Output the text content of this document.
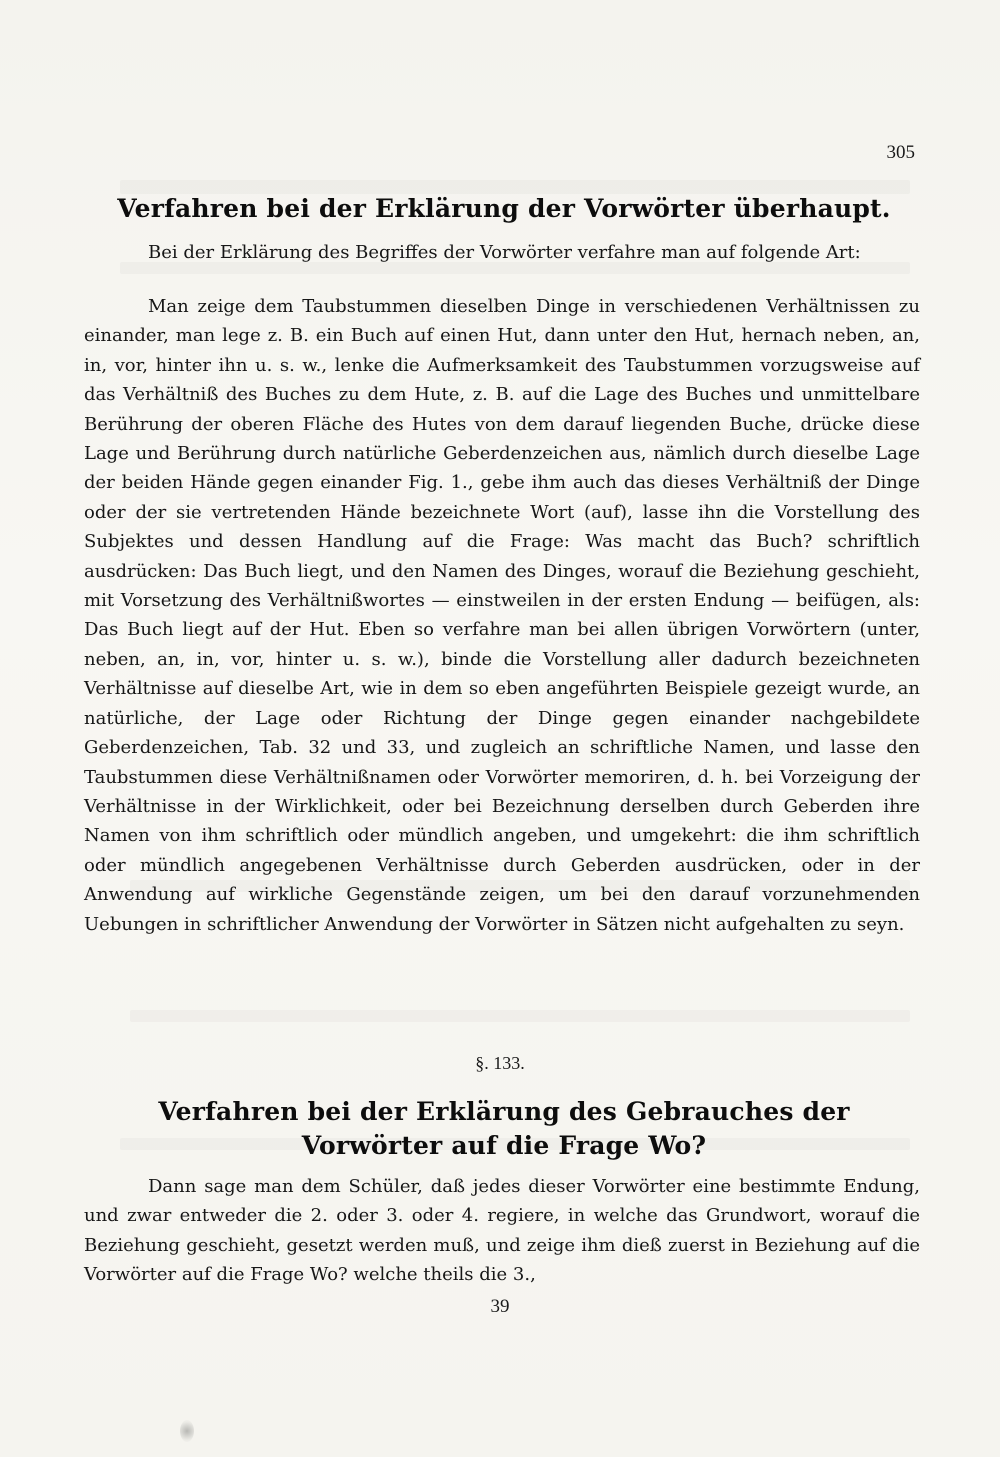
305
Verfahren bei der Erklärung der Vorwörter überhaupt.

Bei der Erklärung des Begriffes der Vorwörter verfahre man auf folgende Art:

Man zeige dem Taubstummen dieselben Dinge in verschiedenen Verhältnissen zu einander, man lege z. B. ein Buch auf einen Hut, dann unter den Hut, hernach neben, an, in, vor, hinter ihn u. s. w., lenke die Aufmerksamkeit des Taubstummen vorzugsweise auf das Verhältniß des Buches zu dem Hute, z. B. auf die Lage des Buches und unmittelbare Berührung der oberen Fläche des Hutes von dem darauf liegenden Buche, drücke diese Lage und Berührung durch natürliche Geberdenzeichen aus, nämlich durch dieselbe Lage der beiden Hände gegen einander Fig. 1., gebe ihm auch das dieses Verhältniß der Dinge oder der sie vertretenden Hände bezeichnete Wort (auf), lasse ihn die Vorstellung des Subjektes und dessen Handlung auf die Frage: Was macht das Buch? schriftlich ausdrücken: Das Buch liegt, und den Namen des Dinges, worauf die Beziehung geschieht, mit Vorsetzung des Verhältnißwortes — einstweilen in der ersten Endung — beifügen, als: Das Buch liegt auf der Hut. Eben so verfahre man bei allen übrigen Vorwörtern (unter, neben, an, in, vor, hinter u. s. w.), binde die Vorstellung aller dadurch bezeichneten Verhältnisse auf dieselbe Art, wie in dem so eben angeführten Beispiele gezeigt wurde, an natürliche, der Lage oder Richtung der Dinge gegen einander nachgebildete Geberdenzeichen, Tab. 32 und 33, und zugleich an schriftliche Namen, und lasse den Taubstummen diese Verhältnißnamen oder Vorwörter memoriren, d. h. bei Vorzeigung der Verhältnisse in der Wirklichkeit, oder bei Bezeichnung derselben durch Geberden ihre Namen von ihm schriftlich oder mündlich angeben, und umgekehrt: die ihm schriftlich oder mündlich angegebenen Verhältnisse durch Geberden ausdrücken, oder in der Anwendung auf wirkliche Gegenstände zeigen, um bei den darauf vorzunehmenden Uebungen in schriftlicher Anwendung der Vorwörter in Sätzen nicht aufgehalten zu seyn.

§. 133.
Verfahren bei der Erklärung des Gebrauches der Vorwörter auf die Frage Wo?

Dann sage man dem Schüler, daß jedes dieser Vorwörter eine bestimmte Endung, und zwar entweder die 2. oder 3. oder 4. regiere, in welche das Grundwort, worauf die Beziehung geschieht, gesetzt werden muß, und zeige ihm dieß zuerst in Beziehung auf die Vorwörter auf die Frage Wo? welche theils die 3.,

39
